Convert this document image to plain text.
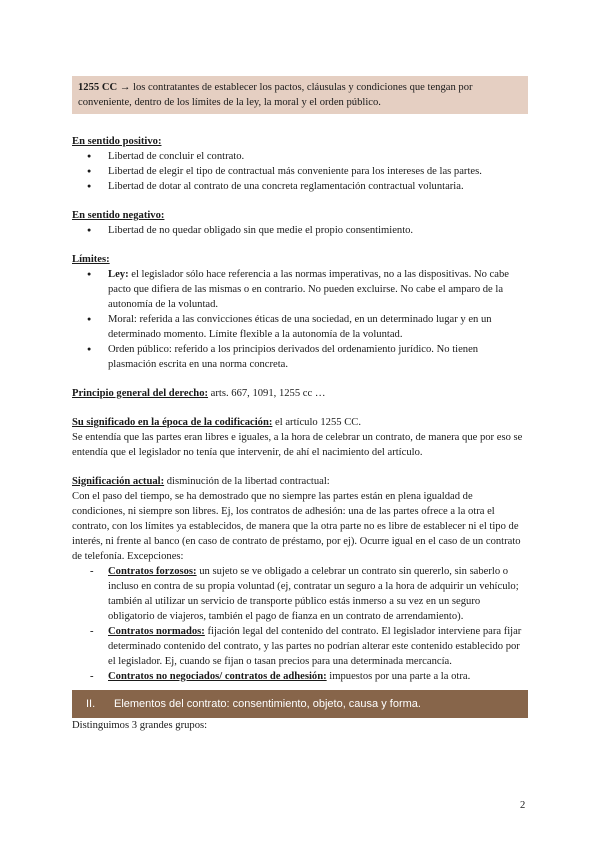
1255 CC → los contratantes de establecer los pactos, cláusulas y condiciones que tengan por conveniente, dentro de los límites de la ley, la moral y el orden público.

En sentido positivo:

● Libertad de concluir el contrato.
● Libertad de elegir el tipo de contractual más conveniente para los intereses de las partes.
● Libertad de dotar al contrato de una concreta reglamentación contractual voluntaria.

En sentido negativo:

● Libertad de no quedar obligado sin que medie el propio consentimiento.

Límites:

● Ley: el legislador sólo hace referencia a las normas imperativas, no a las dispositivas. No cabe pacto que difiera de las mismas o en contrario. No pueden excluirse. No cabe el amparo de la autonomía de la voluntad.
● Moral: referida a las convicciones éticas de una sociedad, en un determinado lugar y en un determinado momento. Límite flexible a la autonomía de la voluntad.
● Orden público: referido a los principios derivados del ordenamiento jurídico. No tienen plasmación escrita en una norma concreta.

Principio general del derecho: arts. 667, 1091, 1255 cc …

Su significado en la época de la codificación: el artículo 1255 CC.

Se entendía que las partes eran libres e iguales, a la hora de celebrar un contrato, de manera que por eso se entendía que el legislador no tenía que intervenir, de ahí el nacimiento del artículo.

Significación actual: disminución de la libertad contractual:

Con el paso del tiempo, se ha demostrado que no siempre las partes están en plena igualdad de condiciones, ni siempre son libres. Ej, los contratos de adhesión: una de las partes ofrece a la otra el contrato, con los límites ya establecidos, de manera que la otra parte no es libre de establecer ni el tipo de interés, ni frente al banco (en caso de contrato de préstamo, por ej). Ocurre igual en el caso de un contrato de telefonía. Excepciones:

- Contratos forzosos: un sujeto se ve obligado a celebrar un contrato sin quererlo, sin saberlo o incluso en contra de su propia voluntad (ej, contratar un seguro a la hora de adquirir un vehículo; también al utilizar un servicio de transporte público estás inmerso a su vez en un seguro obligatorio de viajeros, también el pago de fianza en un contrato de arrendamiento).
- Contratos normados: fijación legal del contenido del contrato. El legislador interviene para fijar determinado contenido del contrato, y las partes no podrían alterar este contenido establecido por el legislador. Ej, cuando se fijan o tasan precios para una determinada mercancía.
- Contratos no negociados/ contratos de adhesión: impuestos por una parte a la otra.
II. Elementos del contrato: consentimiento, objeto, causa y forma.

Distinguimos 3 grandes grupos:

2
